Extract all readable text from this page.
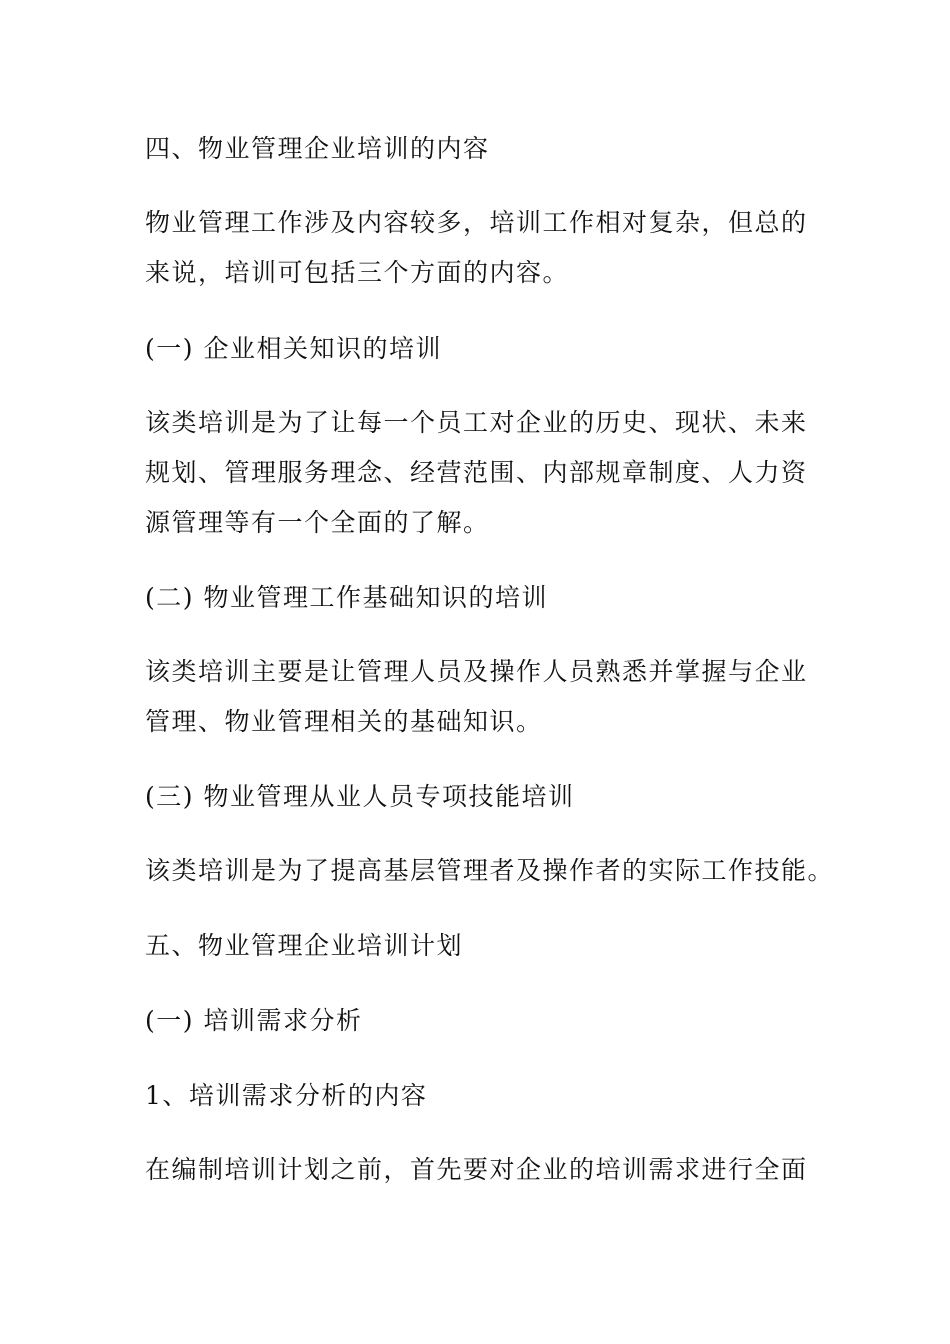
四、物业管理企业培训的内容
物业管理工作涉及内容较多，培训工作相对复杂，但总的
来说，培训可包括三个方面的内容。
(一) 企业相关知识的培训
该类培训是为了让每一个员工对企业的历史、现状、未来
规划、管理服务理念、经营范围、内部规章制度、人力资
源管理等有一个全面的了解。
(二) 物业管理工作基础知识的培训
该类培训主要是让管理人员及操作人员熟悉并掌握与企业
管理、物业管理相关的基础知识。
(三) 物业管理从业人员专项技能培训
该类培训是为了提高基层管理者及操作者的实际工作技能。
五、物业管理企业培训计划
(一) 培训需求分析
1、培训需求分析的内容
在编制培训计划之前，首先要对企业的培训需求进行全面
